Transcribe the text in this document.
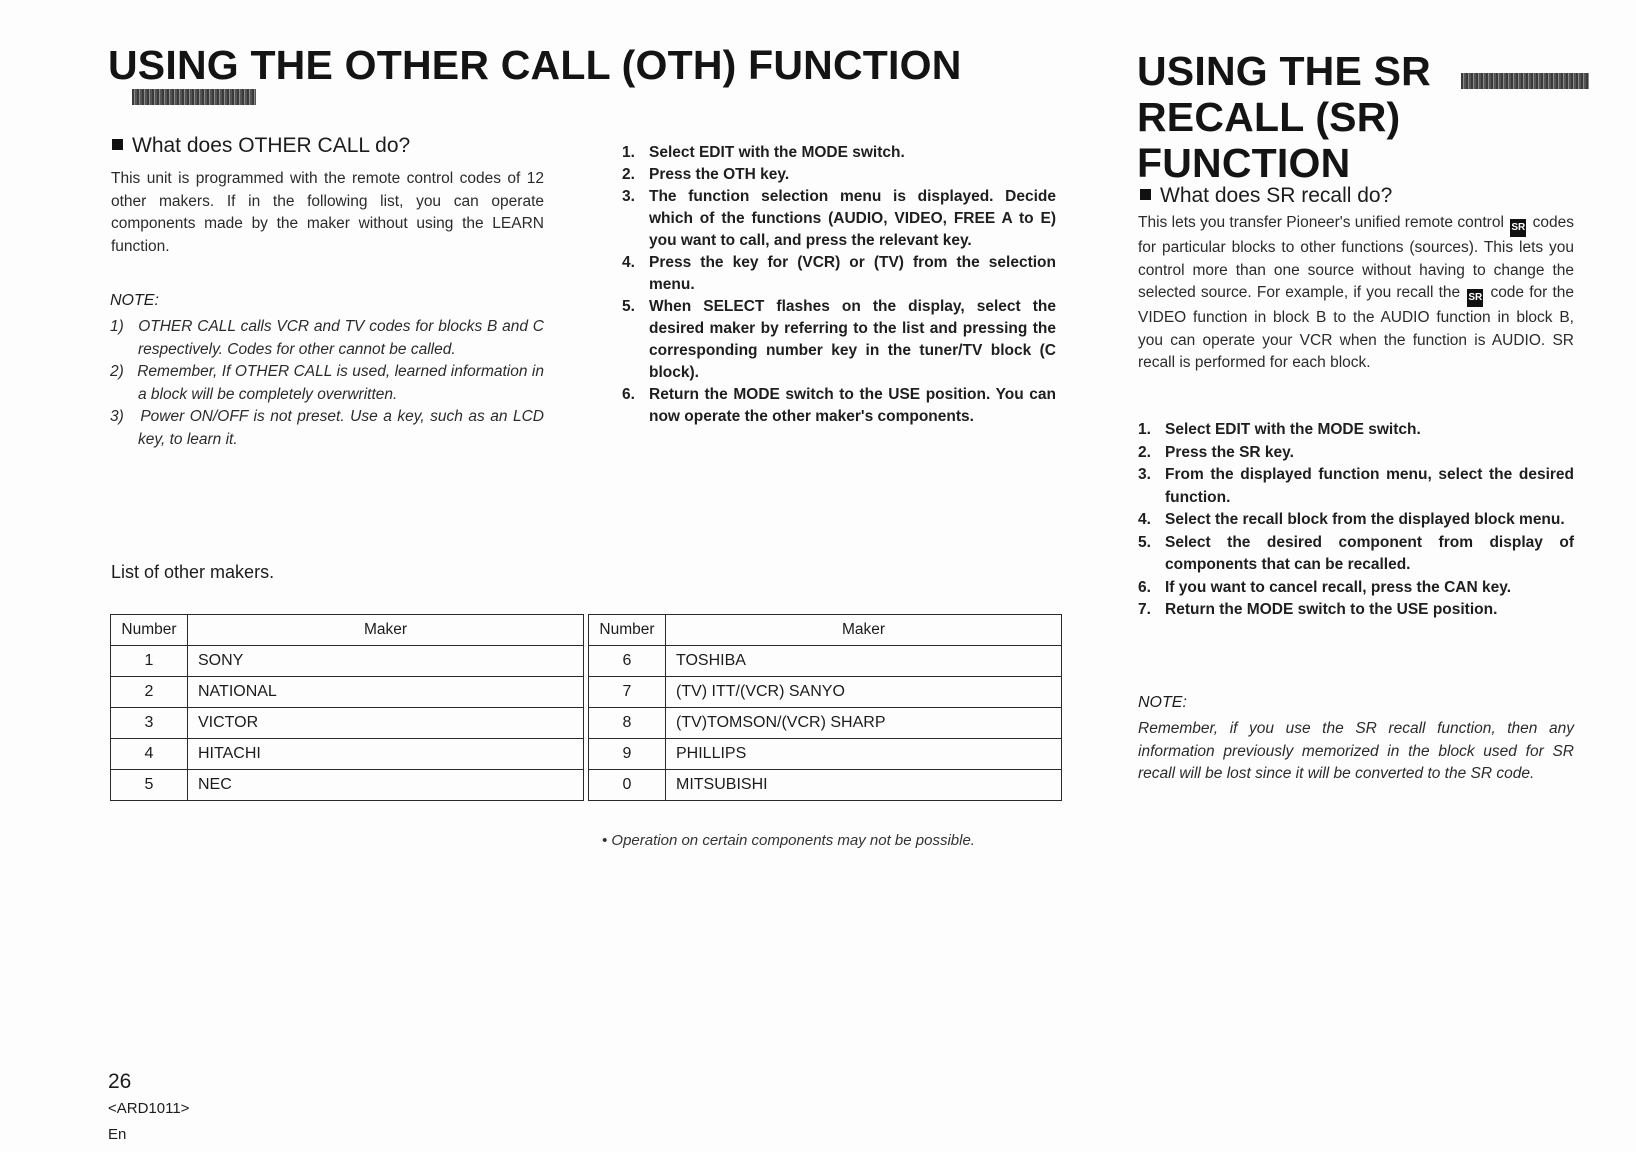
USING THE OTHER CALL (OTH) FUNCTION
What does OTHER CALL do?

This unit is programmed with the remote control codes of 12 other makers. If in the following list, you can operate components made by the maker without using the LEARN function.

NOTE:

1) OTHER CALL calls VCR and TV codes for blocks B and C respectively. Codes for other cannot be called.
2) Remember, If OTHER CALL is used, learned information in a block will be completely overwritten.
3) Power ON/OFF is not preset. Use a key, such as an LCD key, to learn it.
1. Select EDIT with the MODE switch.
2. Press the OTH key.
3. The function selection menu is displayed. Decide which of the functions (AUDIO, VIDEO, FREE A to E) you want to call, and press the relevant key.
4. Press the key for (VCR) or (TV) from the selection menu.
5. When SELECT flashes on the display, select the desired maker by referring to the list and pressing the corresponding number key in the tuner/TV block (C block).
6. Return the MODE switch to the USE position. You can now operate the other maker's components.

List of other makers.

Number	Maker
1	SONY
2	NATIONAL
3	VICTOR
4	HITACHI
5	NEC
Number	Maker
6	TOSHIBA
7	(TV) ITT/(VCR) SANYO
8	(TV)TOMSON/(VCR) SHARP
9	PHILLIPS
0	MITSUBISHI

• Operation on certain components may not be possible.

USING THE SR
RECALL (SR) FUNCTION
What does SR recall do?

This lets you transfer Pioneer's unified remote control SR codes for particular blocks to other functions (sources). This lets you control more than one source without having to change the selected source. For example, if you recall the SR code for the VIDEO function in block B to the AUDIO function in block B, you can operate your VCR when the function is AUDIO. SR recall is performed for each block.

1. Select EDIT with the MODE switch.
2. Press the SR key.
3. From the displayed function menu, select the desired function.
4. Select the recall block from the displayed block menu.
5. Select the desired component from display of components that can be recalled.
6. If you want to cancel recall, press the CAN key.
7. Return the MODE switch to the USE position.

NOTE:

Remember, if you use the SR recall function, then any information previously memorized in the block used for SR recall will be lost since it will be converted to the SR code.

26
<ARD1011>
En
